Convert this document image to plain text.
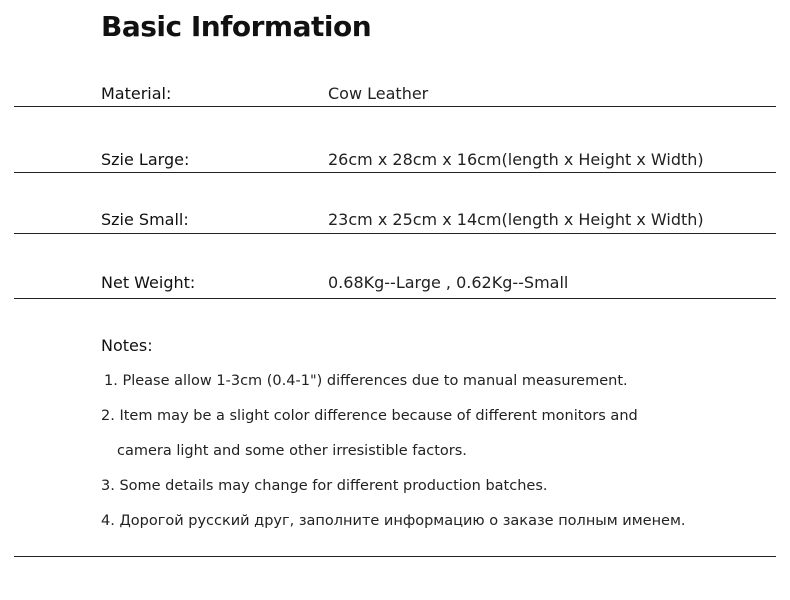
Basic Information
Material:	Cow Leather
Szie Large:	26cm x 28cm x 16cm(length x Height x Width)
Szie Small:	23cm x 25cm x 14cm(length x Height x Width)
Net Weight:	0.68Kg--Large , 0.62Kg--Small
Notes:
1. Please allow 1-3cm (0.4-1") differences due to manual measurement.
2. Item may be a slight color difference because of different monitors and
camera light and some other irresistible factors.
3. Some details may change for different production batches.
4. Дорогой русский друг, заполните информацию о заказе полным именем.
